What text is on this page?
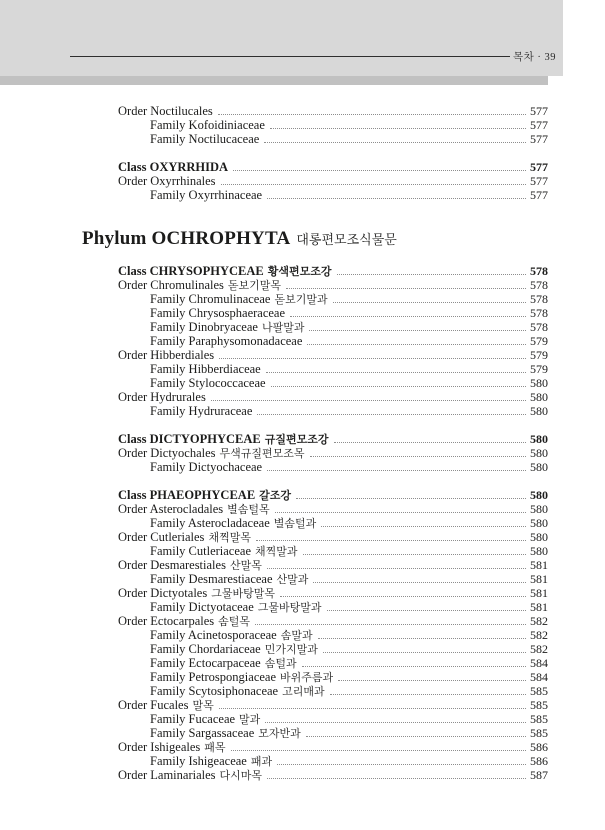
목차 · 39
Order Noctilucales	577
Family Kofoidiniaceae	577
Family Noctilucaceae	577
Class OXYRRHIDA	577
Order Oxyrrhinales	577
Family Oxyrrhinaceae	577
Phylum OCHROPHYTA 대롱편모조식물문
Class CHRYSOPHYCEAE 황색편모조강	578
Order Chromulinales 돋보기말목	578
Family Chromulinaceae 돋보기말과	578
Family Chrysosphaeraceae	578
Family Dinobryaceae 나팔말과	578
Family Paraphysomonadaceae	579
Order Hibberdiales	579
Family Hibberdiaceae	579
Family Stylococcaceae	580
Order Hydrurales	580
Family Hydruraceae	580
Class DICTYOPHYCEAE 규질편모조강	580
Order Dictyochales 무색규질편모조목	580
Family Dictyochaceae	580
Class PHAEOPHYCEAE 갈조강	580
Order Asterocladales 별솜털목	580
Family Asterocladaceae 별솜털과	580
Order Cutleriales 채찍말목	580
Family Cutleriaceae 채찍말과	580
Order Desmarestiales 산말목	581
Family Desmarestiaceae 산말과	581
Order Dictyotales 그물바탕말목	581
Family Dictyotaceae 그물바탕말과	581
Order Ectocarpales 솜털목	582
Family Acinetosporaceae 솜말과	582
Family Chordariaceae 민가지말과	582
Family Ectocarpaceae 솜털과	584
Family Petrospongiaceae 바위주름과	584
Family Scytosiphonaceae 고리매과	585
Order Fucales 말목	585
Family Fucaceae 말과	585
Family Sargassaceae 모자반과	585
Order Ishigeales 패목	586
Family Ishigeaceae 패과	586
Order Laminariales 다시마목	587
